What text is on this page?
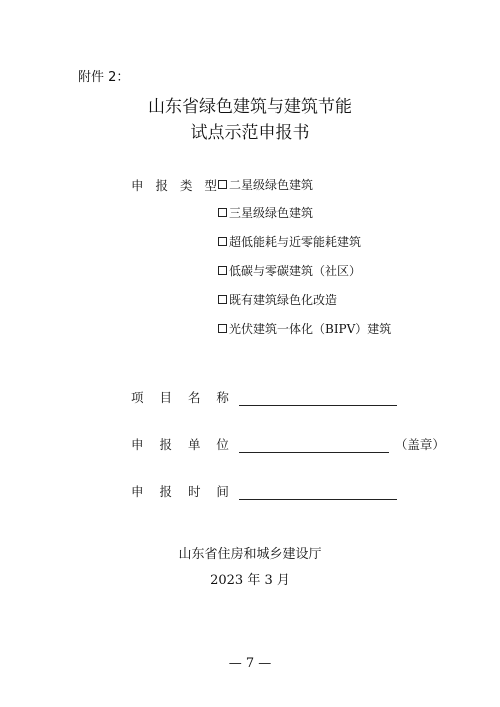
附件 2：
山东省绿色建筑与建筑节能
试点示范申报书
申 报 类 型 二星级绿色建筑
三星级绿色建筑
超低能耗与近零能耗建筑
低碳与零碳建筑（社区）
既有建筑绿色化改造
光伏建筑一体化（BIPV）建筑
项 目 名 称
申 报 单 位	（盖章）
申 报 时 间
山东省住房和城乡建设厅
2023 年 3 月
— 7 —
